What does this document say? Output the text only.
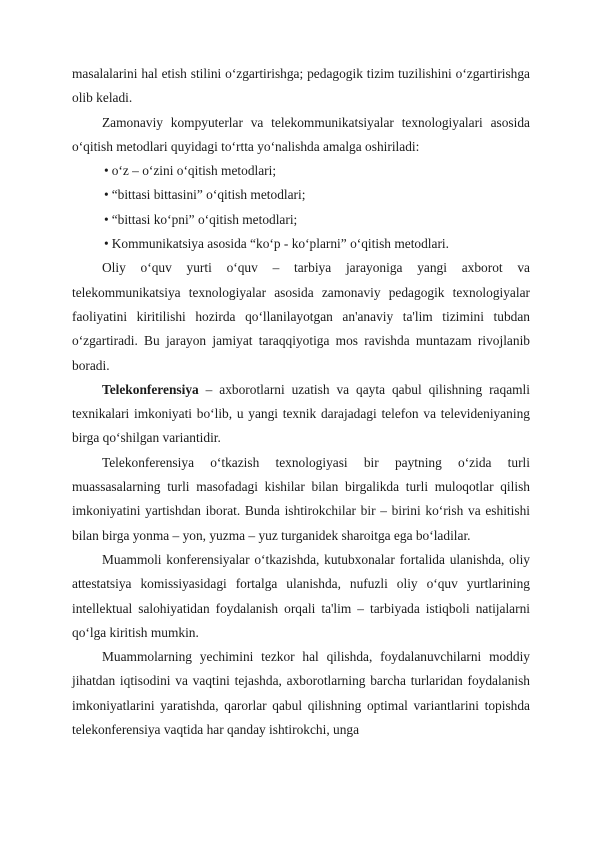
masalalarini hal etish stilini o‘zgartirishga; pedagogik tizim tuzilishini o‘zgartirishga olib keladi.

Zamonaviy kompyuterlar va telekommunikatsiyalar texnologiyalari asosida o‘qitish metodlari quyidagi to‘rtta yo‘nalishda amalga oshiriladi:

• o‘z – o‘zini o‘qitish metodlari;
• “bittasi bittasini” o‘qitish metodlari;
• “bittasi ko‘pni” o‘qitish metodlari;
• Kommunikatsiya asosida “ko‘p - ko‘plarni” o‘qitish metodlari.

Oliy o‘quv yurti o‘quv – tarbiya jarayoniga yangi axborot va telekommunikatsiya texnologiyalar asosida zamonaviy pedagogik texnologiyalar faoliyatini kiritilishi hozirda qo‘llanilayotgan an'anaviy ta'lim tizimini tubdan o‘zgartiradi. Bu jarayon jamiyat taraqqiyotiga mos ravishda muntazam rivojlanib boradi.

Telekonferensiya – axborotlarni uzatish va qayta qabul qilishning raqamli texnikalari imkoniyati bo‘lib, u yangi texnik darajadagi telefon va televideniyaning birga qo‘shilgan variantidir.

Telekonferensiya o‘tkazish texnologiyasi bir paytning o‘zida turli muassasalarning turli masofadagi kishilar bilan birgalikda turli muloqotlar qilish imkoniyatini yartishdan iborat. Bunda ishtirokchilar bir – birini ko‘rish va eshitishi bilan birga yonma – yon, yuzma – yuz turganidek sharoitga ega bo‘ladilar.

Muammoli konferensiyalar o‘tkazishda, kutubxonalar fortalida ulanishda, oliy attestatsiya komissiyasidagi fortalga ulanishda, nufuzli oliy o‘quv yurtlarining intellektual salohiyatidan foydalanish orqali ta'lim – tarbiyada istiqboli natijalarni qo‘lga kiritish mumkin.

Muammolarning yechimini tezkor hal qilishda, foydalanuvchilarni moddiy jihatdan iqtisodini va vaqtini tejashda, axborotlarning barcha turlaridan foydalanish imkoniyatlarini yaratishda, qarorlar qabul qilishning optimal variantlarini topishda telekonferensiya vaqtida har qanday ishtirokchi, unga
